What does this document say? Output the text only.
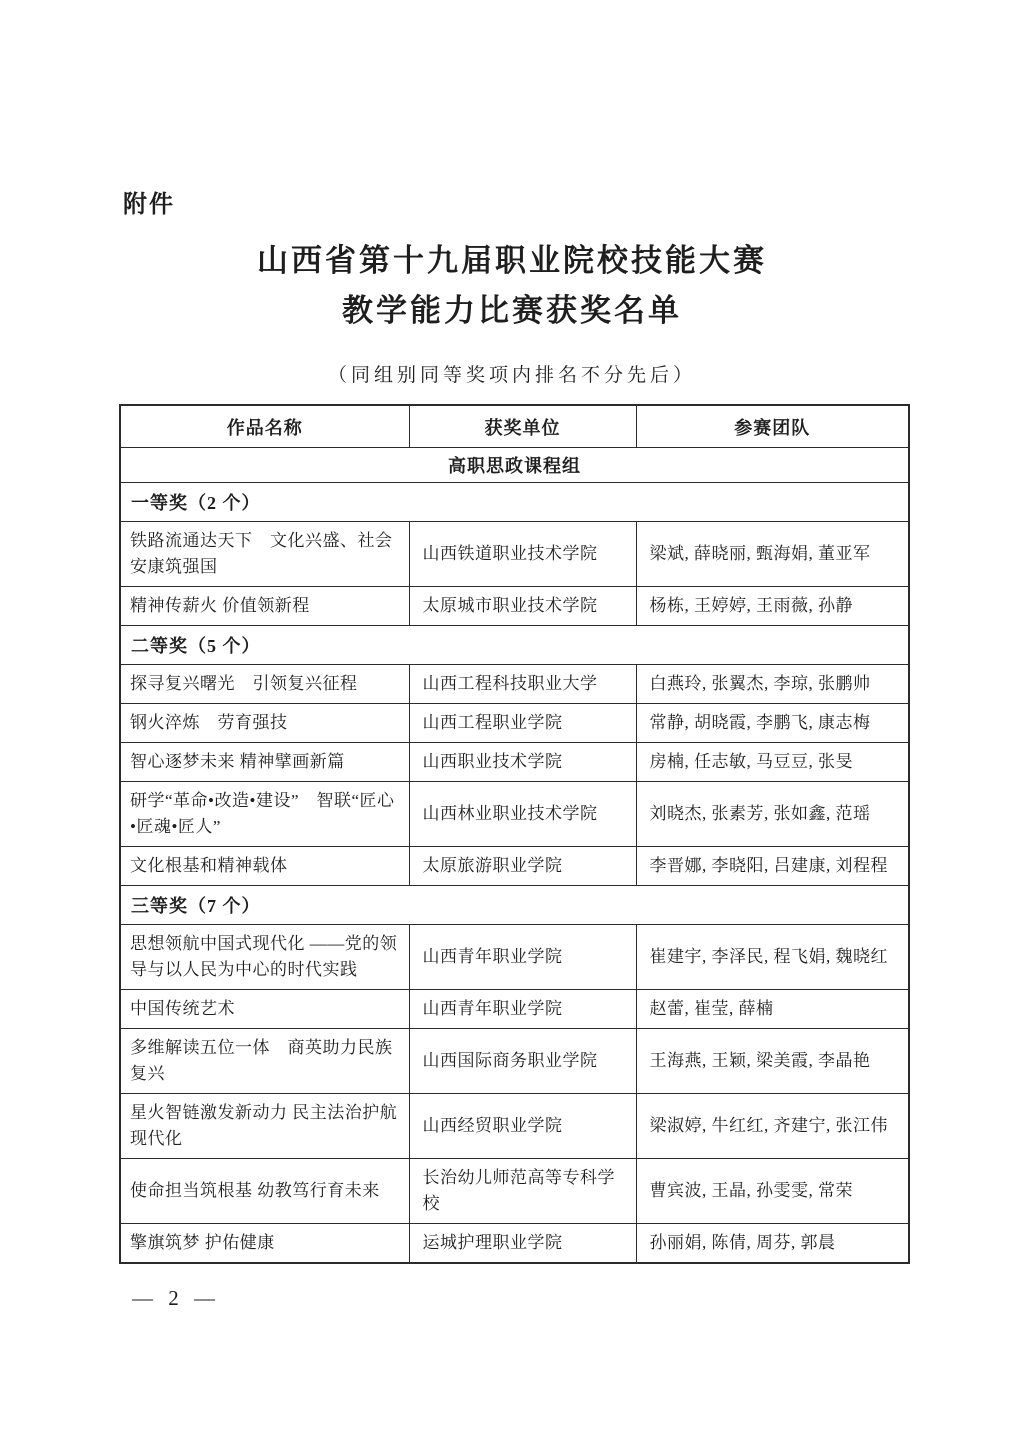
附件
山西省第十九届职业院校技能大赛
教学能力比赛获奖名单
（同组别同等奖项内排名不分先后）
作品名称	获奖单位	参赛团队
高职思政课程组		
一等奖（2 个）		
铁路流通达天下　文化兴盛、社会安康筑强国	山西铁道职业技术学院	梁斌, 薛晓丽, 甄海娟, 董亚军
精神传薪火 价值领新程	太原城市职业技术学院	杨栋, 王婷婷, 王雨薇, 孙静
二等奖（5 个）		
探寻复兴曙光　引领复兴征程	山西工程科技职业大学	白燕玲, 张翼杰, 李琼, 张鹏帅
钢火淬炼　劳育强技	山西工程职业学院	常静, 胡晓霞, 李鹏飞, 康志梅
智心逐梦未来 精神擘画新篇	山西职业技术学院	房楠, 任志敏, 马豆豆, 张旻
研学“革命•改造•建设”　智联“匠心•匠魂•匠人”	山西林业职业技术学院	刘晓杰, 张素芳, 张如鑫, 范瑶
文化根基和精神载体	太原旅游职业学院	李晋娜, 李晓阳, 吕建康, 刘程程
三等奖（7 个）		
思想领航中国式现代化 ——党的领导与以人民为中心的时代实践	山西青年职业学院	崔建宇, 李泽民, 程飞娟, 魏晓红
中国传统艺术	山西青年职业学院	赵蕾, 崔莹, 薛楠
多维解读五位一体　商英助力民族复兴	山西国际商务职业学院	王海燕, 王颖, 梁美霞, 李晶艳
星火智链激发新动力 民主法治护航现代化	山西经贸职业学院	梁淑婷, 牛红红, 齐建宁, 张江伟
使命担当筑根基 幼教笃行育未来	长治幼儿师范高等专科学校	曹宾波, 王晶, 孙雯雯, 常荣
擎旗筑梦 护佑健康	运城护理职业学院	孙丽娟, 陈倩, 周芬, 郭晨
— 2 —
